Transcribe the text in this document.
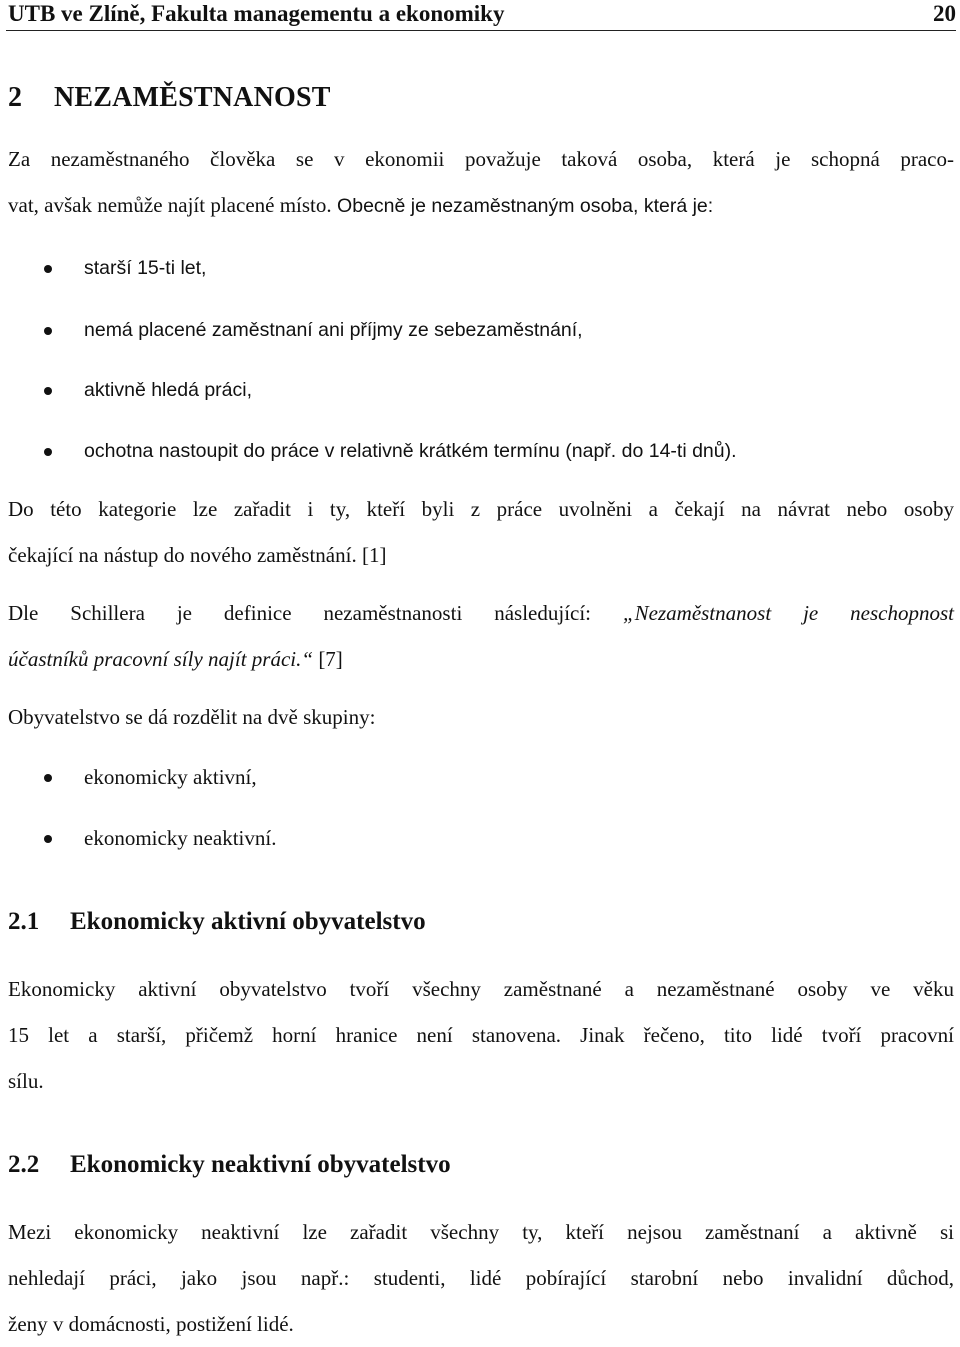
UTB ve Zlíně, Fakulta managementu a ekonomiky	20
2 NEZAMĚSTNANOST
Za nezaměstnaného člověka se v ekonomii považuje taková osoba, která je schopná praco-
vat, avšak nemůže najít placené místo. Obecně je nezaměstnaným osoba, která je:
starší 15-ti let,
nemá placené zaměstnaní ani příjmy ze sebezaměstnání,
aktivně hledá práci,
ochotna nastoupit do práce v relativně krátkém termínu (např. do 14-ti dnů).
Do této kategorie lze zařadit i ty, kteří byli z práce uvolněni a čekají na návrat nebo osoby
čekající na nástup do nového zaměstnání. [1]
Dle Schillera je definice nezaměstnanosti následující: „Nezaměstnanost je neschopnost
účastníků pracovní síly najít práci.“ [7]
Obyvatelstvo se dá rozdělit na dvě skupiny:
ekonomicky aktivní,
ekonomicky neaktivní.
2.1 Ekonomicky aktivní obyvatelstvo
Ekonomicky aktivní obyvatelstvo tvoří všechny zaměstnané a nezaměstnané osoby ve věku
15 let a starší, přičemž horní hranice není stanovena. Jinak řečeno, tito lidé tvoří pracovní
sílu.
2.2 Ekonomicky neaktivní obyvatelstvo
Mezi ekonomicky neaktivní lze zařadit všechny ty, kteří nejsou zaměstnaní a aktivně si
nehledají práci, jako jsou např.: studenti, lidé pobírající starobní nebo invalidní důchod,
ženy v domácnosti, postižení lidé.
